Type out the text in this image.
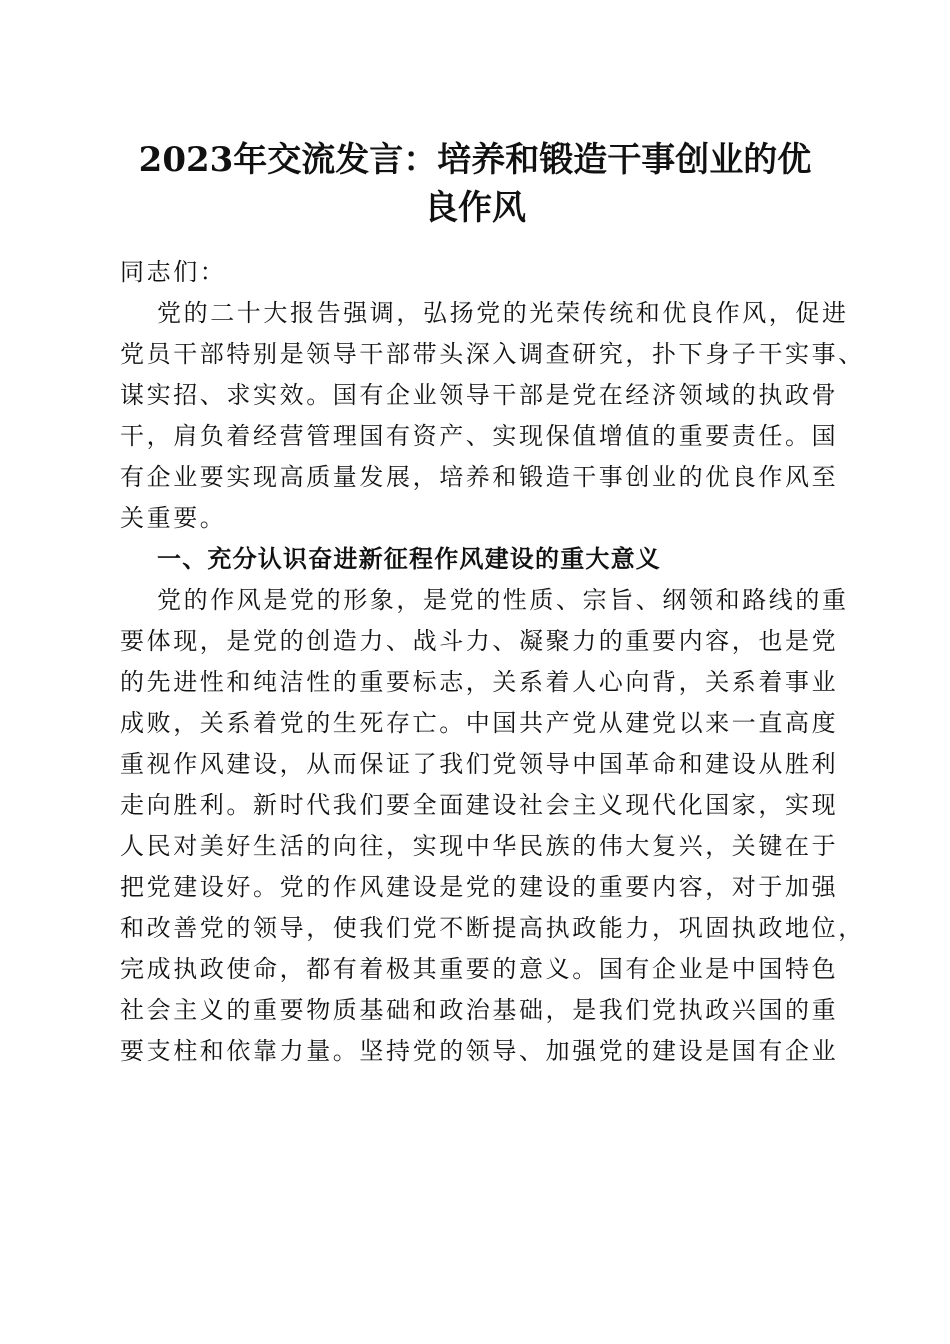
2023年交流发言：培养和锻造干事创业的优
良作风
同志们：
党的二十大报告强调，弘扬党的光荣传统和优良作风，促进
党员干部特别是领导干部带头深入调查研究，扑下身子干实事、
谋实招、求实效。国有企业领导干部是党在经济领域的执政骨
干，肩负着经营管理国有资产、实现保值增值的重要责任。国
有企业要实现高质量发展，培养和锻造干事创业的优良作风至
关重要。
一、充分认识奋进新征程作风建设的重大意义
党的作风是党的形象，是党的性质、宗旨、纲领和路线的重
要体现，是党的创造力、战斗力、凝聚力的重要内容，也是党
的先进性和纯洁性的重要标志，关系着人心向背，关系着事业
成败，关系着党的生死存亡。中国共产党从建党以来一直高度
重视作风建设，从而保证了我们党领导中国革命和建设从胜利
走向胜利。新时代我们要全面建设社会主义现代化国家，实现
人民对美好生活的向往，实现中华民族的伟大复兴，关键在于
把党建设好。党的作风建设是党的建设的重要内容，对于加强
和改善党的领导，使我们党不断提高执政能力，巩固执政地位，
完成执政使命，都有着极其重要的意义。国有企业是中国特色
社会主义的重要物质基础和政治基础，是我们党执政兴国的重
要支柱和依靠力量。坚持党的领导、加强党的建设是国有企业
